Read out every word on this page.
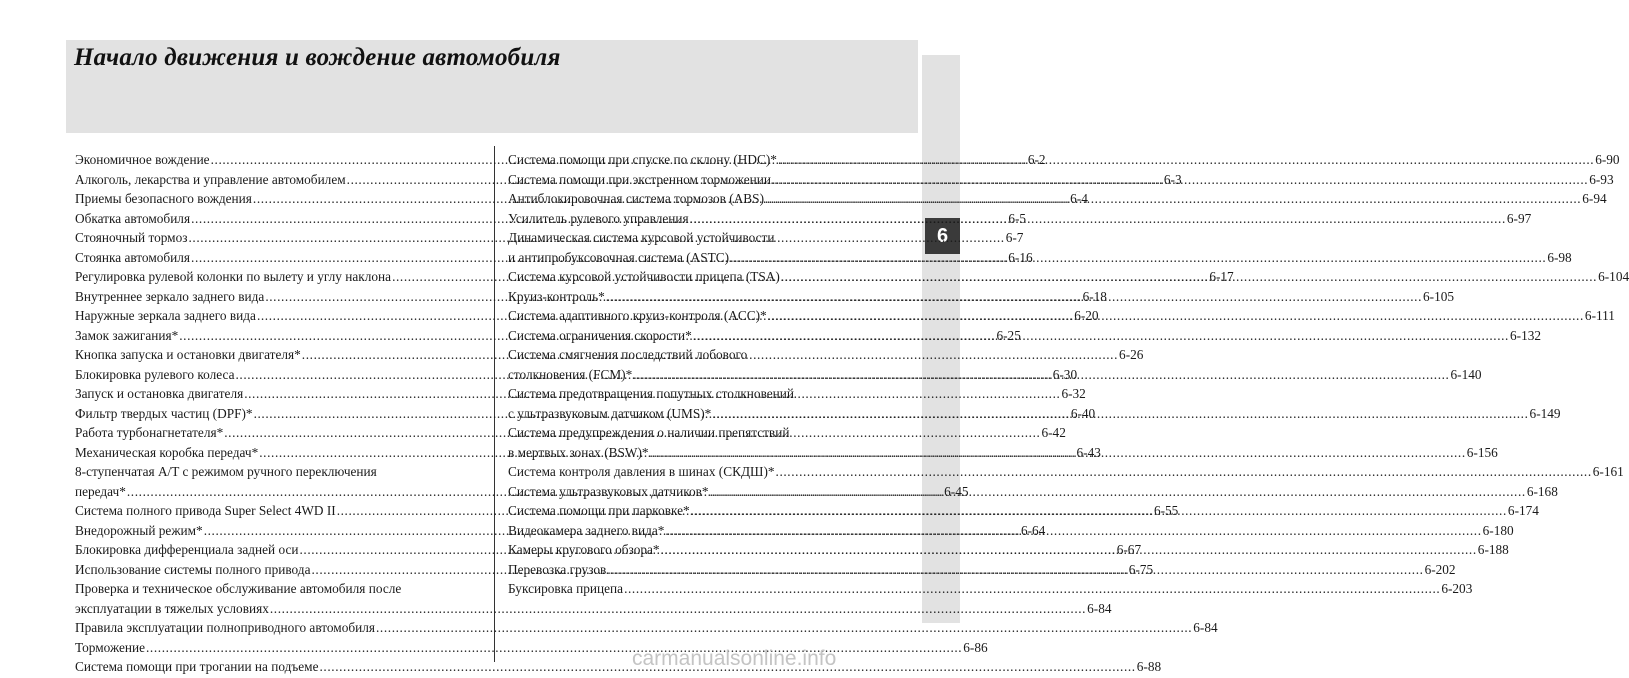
Начало движения и вождение автомобиля
6
Экономичное вождение .....	6-2
Алкоголь, лекарства и управление автомобилем .....	6-3
Приемы безопасного вождения .....	6-4
Обкатка автомобиля .....	6-5
Стояночный тормоз .....	6-7
Стоянка автомобиля .....	6-16
Регулировка рулевой колонки по вылету и углу наклона .....	6-17
Внутреннее зеркало заднего вида .....	6-18
Наружные зеркала заднего вида .....	6-20
Замок зажигания* .....	6-25
Кнопка запуска и остановки двигателя* .....	6-26
Блокировка рулевого колеса .....	6-30
Запуск и остановка двигателя .....	6-32
Фильтр твердых частиц (DPF)* .....	6-40
Работа турбонагнетателя* .....	6-42
Механическая коробка передач* .....	6-43
8-ступенчатая A/T с режимом ручного переключения
передач* .....	6-45
Система полного привода Super Select 4WD II .....	6-55
Внедорожный режим* .....	6-64
Блокировка дифференциала задней оси .....	6-67
Использование системы полного привода .....	6-75
Проверка и техническое обслуживание автомобиля после
эксплуатации в тяжелых условиях .....	6-84
Правила эксплуатации полноприводного автомобиля .....	6-84
Торможение .....	6-86
Система помощи при трогании на подъеме .....	6-88
Система помощи при спуске по склону (HDC)* .....	6-90
Система помощи при экстренном торможении .....	6-93
Антиблокировочная система тормозов (ABS) .....	6-94
Усилитель рулевого управления .....	6-97
Динамическая система курсовой устойчивости
и антипробуксовочная система (ASTC) .....	6-98
Система курсовой устойчивости прицепа (TSA) .....	6-104
Круиз-контроль* .....	6-105
Система адаптивного круиз-контроля (ACC)* .....	6-111
Система ограничения скорости* .....	6-132
Система смягчения последствий лобового
столкновения (FCM)* .....	6-140
Система предотвращения попутных столкновений
с ультразвуковым датчиком (UMS)* .....	6-149
Система предупреждения о наличии препятствий
в мертвых зонах (BSW)* .....	6-156
Система контроля давления в шинах (СКДШ)* .....	6-161
Система ультразвуковых датчиков* .....	6-168
Система помощи при парковке* .....	6-174
Видеокамера заднего вида* .....	6-180
Камеры кругового обзора* .....	6-188
Перевозка грузов .....	6-202
Буксировка прицепа .....	6-203
carmanualsonline.info
